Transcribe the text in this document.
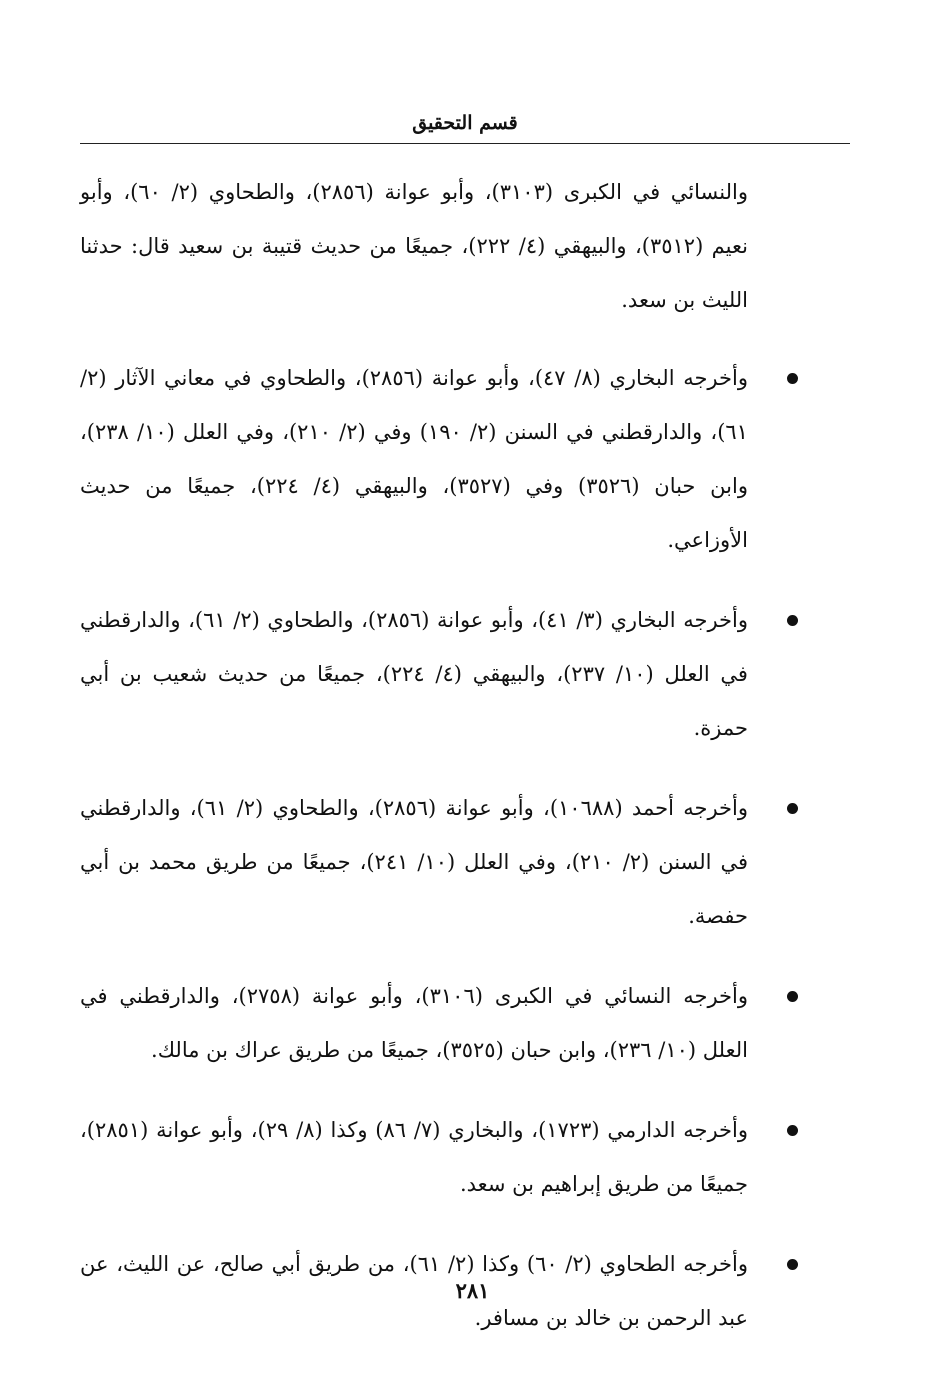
قسم التحقيق

والنسائي في الكبرى (٣١٠٣)، وأبو عوانة (٢٨٥٦)، والطحاوي (٢/ ٦٠)، وأبو نعيم (٣٥١٢)، والبيهقي (٤/ ٢٢٢)، جميعًا من حديث قتيبة بن سعيد قال: حدثنا الليث بن سعد.

وأخرجه البخاري (٨/ ٤٧)، وأبو عوانة (٢٨٥٦)، والطحاوي في معاني الآثار (٢/ ٦١)، والدارقطني في السنن (٢/ ١٩٠) وفي (٢/ ٢١٠)، وفي العلل (١٠/ ٢٣٨)، وابن حبان (٣٥٢٦) وفي (٣٥٢٧)، والبيهقي (٤/ ٢٢٤)، جميعًا من حديث الأوزاعي.
وأخرجه البخاري (٣/ ٤١)، وأبو عوانة (٢٨٥٦)، والطحاوي (٢/ ٦١)، والدارقطني في العلل (١٠/ ٢٣٧)، والبيهقي (٤/ ٢٢٤)، جميعًا من حديث شعيب بن أبي حمزة.
وأخرجه أحمد (١٠٦٨٨)، وأبو عوانة (٢٨٥٦)، والطحاوي (٢/ ٦١)، والدارقطني في السنن (٢/ ٢١٠)، وفي العلل (١٠/ ٢٤١)، جميعًا من طريق محمد بن أبي حفصة.
وأخرجه النسائي في الكبرى (٣١٠٦)، وأبو عوانة (٢٧٥٨)، والدارقطني في العلل (١٠/ ٢٣٦)، وابن حبان (٣٥٢٥)، جميعًا من طريق عراك بن مالك.
وأخرجه الدارمي (١٧٢٣)، والبخاري (٧/ ٨٦) وكذا (٨/ ٢٩)، وأبو عوانة (٢٨٥١)، جميعًا من طريق إبراهيم بن سعد.
وأخرجه الطحاوي (٢/ ٦٠) وكذا (٢/ ٦١)، من طريق أبي صالح، عن الليث، عن عبد الرحمن بن خالد بن مسافر.
٢٨١
